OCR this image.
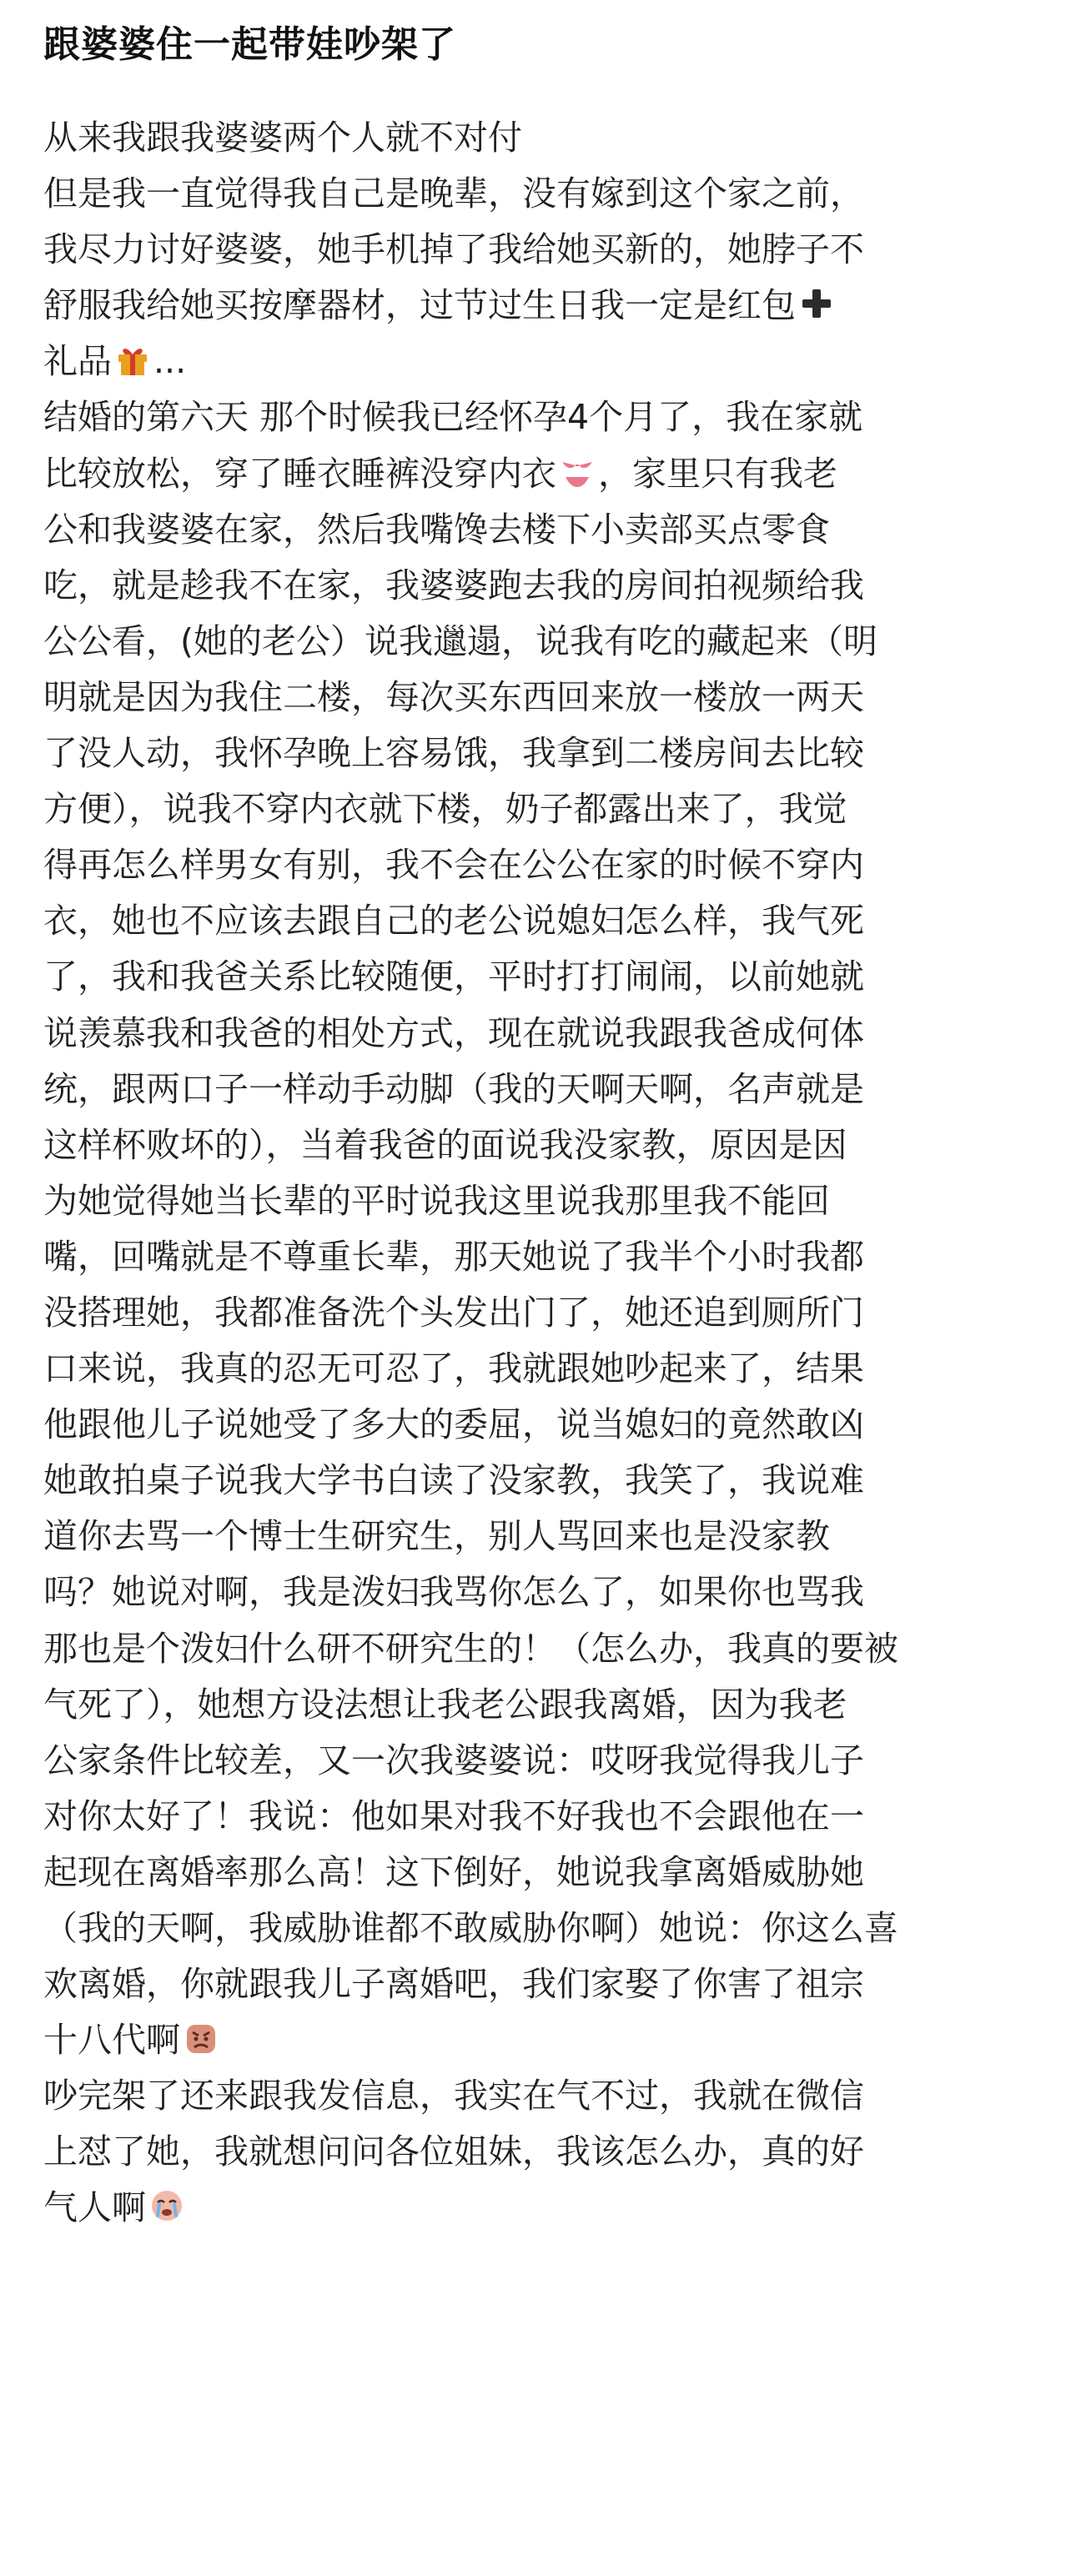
跟婆婆住一起带娃吵架了
从来我跟我婆婆两个人就不对付
但是我一直觉得我自己是晚辈，没有嫁到这个家之前，
我尽力讨好婆婆，她手机掉了我给她买新的，她脖子不
舒服我给她买按摩器材，过节过生日我一定是红包
礼品 ...
结婚的第六天 那个时候我已经怀孕4个月了，我在家就
比较放松，穿了睡衣睡裤没穿内衣 ，家里只有我老
公和我婆婆在家，然后我嘴馋去楼下小卖部买点零食
吃，就是趁我不在家，我婆婆跑去我的房间拍视频给我
公公看，(她的老公）说我邋遢，说我有吃的藏起来（明
明就是因为我住二楼，每次买东西回来放一楼放一两天
了没人动，我怀孕晚上容易饿，我拿到二楼房间去比较
方便），说我不穿内衣就下楼，奶子都露出来了，我觉
得再怎么样男女有别，我不会在公公在家的时候不穿内
衣，她也不应该去跟自己的老公说媳妇怎么样，我气死
了，我和我爸关系比较随便，平时打打闹闹，以前她就
说羡慕我和我爸的相处方式，现在就说我跟我爸成何体
统，跟两口子一样动手动脚（我的天啊天啊，名声就是
这样杯败坏的），当着我爸的面说我没家教，原因是因
为她觉得她当长辈的平时说我这里说我那里我不能回
嘴，回嘴就是不尊重长辈，那天她说了我半个小时我都
没搭理她，我都准备洗个头发出门了，她还追到厕所门
口来说，我真的忍无可忍了，我就跟她吵起来了，结果
他跟他儿子说她受了多大的委屈，说当媳妇的竟然敢凶
她敢拍桌子说我大学书白读了没家教，我笑了，我说难
道你去骂一个博士生研究生，别人骂回来也是没家教
吗？她说对啊，我是泼妇我骂你怎么了，如果你也骂我
那也是个泼妇什么研不研究生的！（怎么办，我真的要被
气死了），她想方设法想让我老公跟我离婚，因为我老
公家条件比较差，又一次我婆婆说：哎呀我觉得我儿子
对你太好了！我说：他如果对我不好我也不会跟他在一
起现在离婚率那么高！这下倒好，她说我拿离婚威胁她
（我的天啊，我威胁谁都不敢威胁你啊）她说：你这么喜
欢离婚，你就跟我儿子离婚吧，我们家娶了你害了祖宗
十八代啊
吵完架了还来跟我发信息，我实在气不过，我就在微信
上怼了她，我就想问问各位姐妹，我该怎么办，真的好
气人啊
